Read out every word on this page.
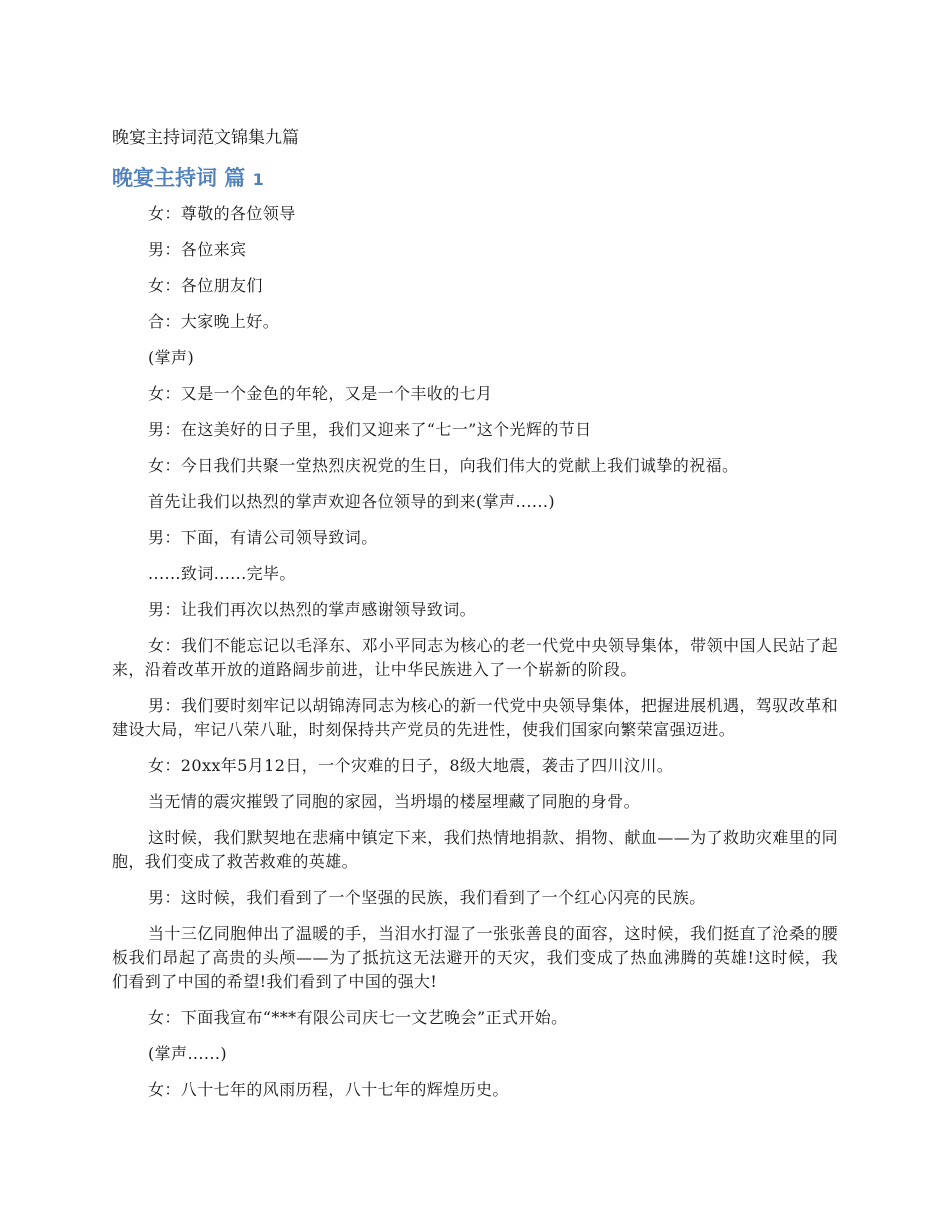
晚宴主持词范文锦集九篇
晚宴主持词 篇 1

女：尊敬的各位领导

男：各位来宾

女：各位朋友们

合：大家晚上好。

(掌声)

女：又是一个金色的年轮，又是一个丰收的七月

男：在这美好的日子里，我们又迎来了“七一”这个光辉的节日

女：今日我们共聚一堂热烈庆祝党的生日，向我们伟大的党献上我们诚挚的祝福。

首先让我们以热烈的掌声欢迎各位领导的到来(掌声......)

男：下面，有请公司领导致词。

......致词......完毕。

男：让我们再次以热烈的掌声感谢领导致词。

女：我们不能忘记以毛泽东、邓小平同志为核心的老一代党中央领导集体，带领中国人民站了起来，沿着改革开放的道路阔步前进，让中华民族进入了一个崭新的阶段。

男：我们要时刻牢记以胡锦涛同志为核心的新一代党中央领导集体，把握进展机遇，驾驭改革和建设大局，牢记八荣八耻，时刻保持共产党员的先进性，使我们国家向繁荣富强迈进。

女：20xx年5月12日，一个灾难的日子，8级大地震，袭击了四川汶川。

当无情的震灾摧毁了同胞的家园，当坍塌的楼屋埋藏了同胞的身骨。

这时候，我们默契地在悲痛中镇定下来，我们热情地捐款、捐物、献血——为了救助灾难里的同胞，我们变成了救苦救难的英雄。

男：这时候，我们看到了一个坚强的民族，我们看到了一个红心闪亮的民族。

当十三亿同胞伸出了温暖的手，当泪水打湿了一张张善良的面容，这时候，我们挺直了沧桑的腰板我们昂起了高贵的头颅——为了抵抗这无法避开的天灾，我们变成了热血沸腾的英雄!这时候，我们看到了中国的希望!我们看到了中国的强大!

女：下面我宣布“***有限公司庆七一文艺晚会”正式开始。

(掌声......)

女：八十七年的风雨历程，八十七年的辉煌历史。
